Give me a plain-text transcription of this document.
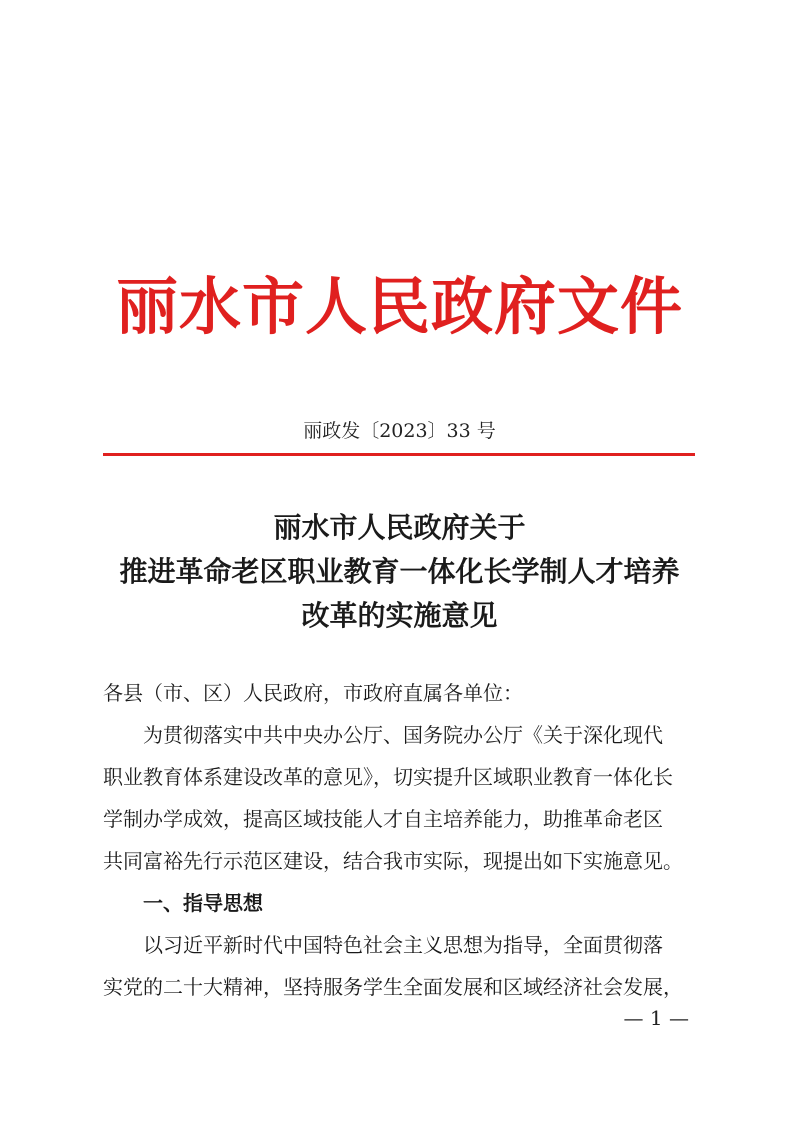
丽水市人民政府文件
丽政发〔2023〕33 号
丽水市人民政府关于
推进革命老区职业教育一体化长学制人才培养
改革的实施意见

各县（市、区）人民政府，市政府直属各单位：

为贯彻落实中共中央办公厅、国务院办公厅《关于深化现代

职业教育体系建设改革的意见》，切实提升区域职业教育一体化长

学制办学成效，提高区域技能人才自主培养能力，助推革命老区

共同富裕先行示范区建设，结合我市实际，现提出如下实施意见。

一、指导思想

以习近平新时代中国特色社会主义思想为指导，全面贯彻落

实党的二十大精神，坚持服务学生全面发展和区域经济社会发展，

— 1 —
